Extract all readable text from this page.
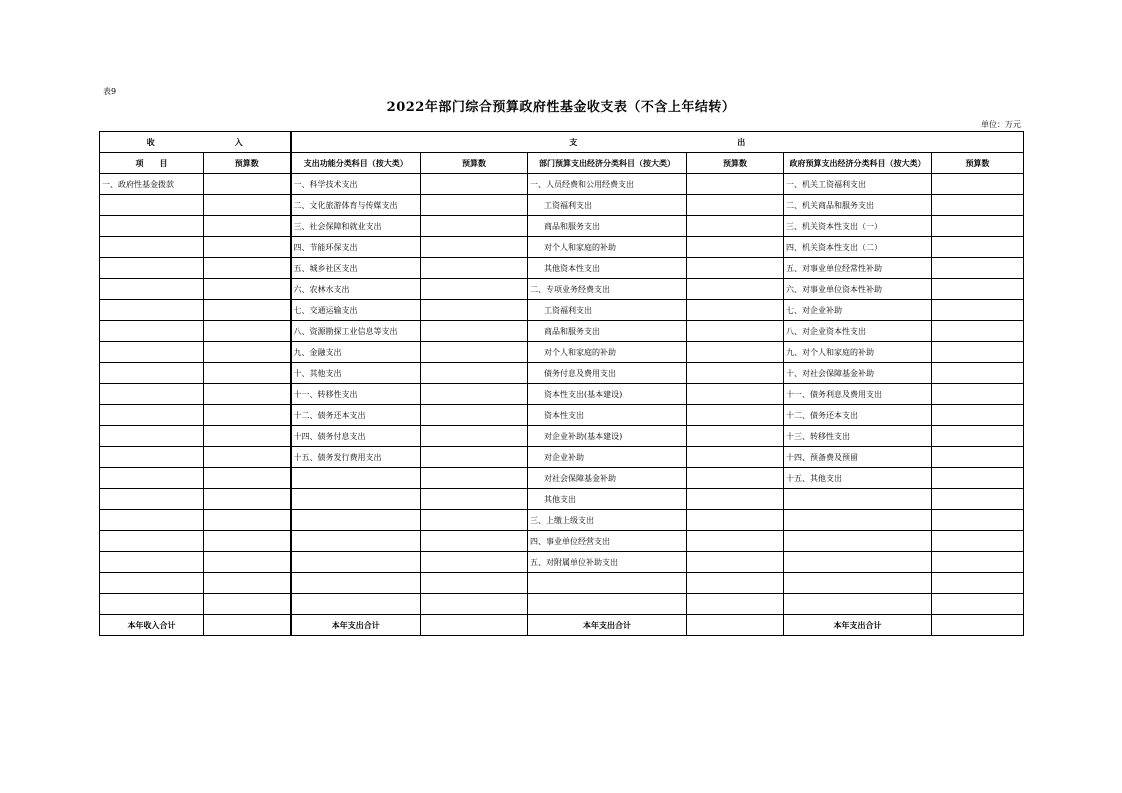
表9
2022年部门综合预算政府性基金收支表（不含上年结转）
单位：万元
收 入		支 出					
项　　目	预算数	支出功能分类科目（按大类）	预算数	部门预算支出经济分类科目（按大类）	预算数	政府预算支出经济分类科目（按大类）	预算数
一、政府性基金拨款		一、科学技术支出		一、人员经费和公用经费支出		一、机关工资福利支出	
		二、文化旅游体育与传媒支出		工资福利支出		二、机关商品和服务支出	
		三、社会保障和就业支出		商品和服务支出		三、机关资本性支出（一）	
		四、节能环保支出		对个人和家庭的补助		四、机关资本性支出（二）	
		五、城乡社区支出		其他资本性支出		五、对事业单位经常性补助	
		六、农林水支出		二、专项业务经费支出		六、对事业单位资本性补助	
		七、交通运输支出		工资福利支出		七、对企业补助	
		八、资源勘探工业信息等支出		商品和服务支出		八、对企业资本性支出	
		九、金融支出		对个人和家庭的补助		九、对个人和家庭的补助	
		十、其他支出		债务付息及费用支出		十、对社会保障基金补助	
		十一、转移性支出		资本性支出(基本建设)		十一、债务利息及费用支出	
		十二、债务还本支出		资本性支出		十二、债务还本支出	
		十四、债务付息支出		对企业补助(基本建设)		十三、转移性支出	
		十五、债务发行费用支出		对企业补助		十四、预备费及预留	
				对社会保障基金补助		十五、其他支出	
				其他支出			
				三、上缴上级支出			
				四、事业单位经营支出			
				五、对附属单位补助支出			

本年收入合计		本年支出合计		本年支出合计		本年支出合计	
